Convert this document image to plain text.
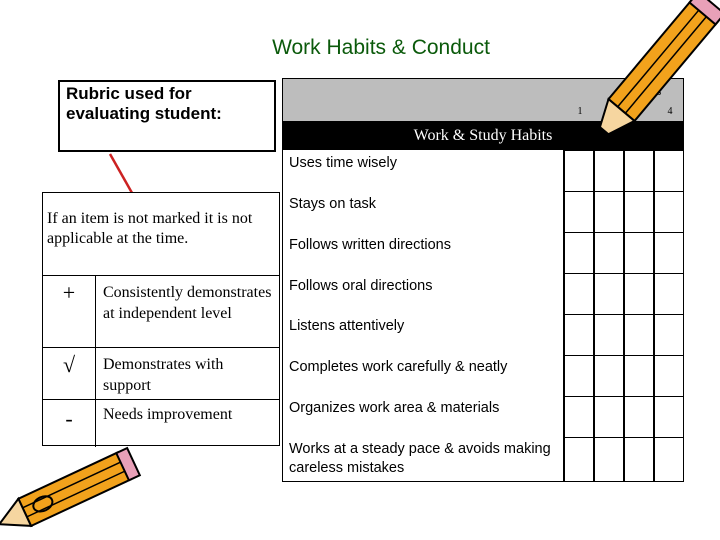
Work Habits & Conduct
Rubric used for evaluating student:
If an item is not marked it is not applicable at the time.
+	Consistently demonstrates at independent level
√	Demonstrates with support
-	Needs improvement
1	4
Work & Study Habits
Uses time wisely
Stays on task
Follows written directions
Follows oral directions
Listens attentively
Completes work carefully & neatly
Organizes work area & materials
Works at a steady pace & avoids making careless mistakes
